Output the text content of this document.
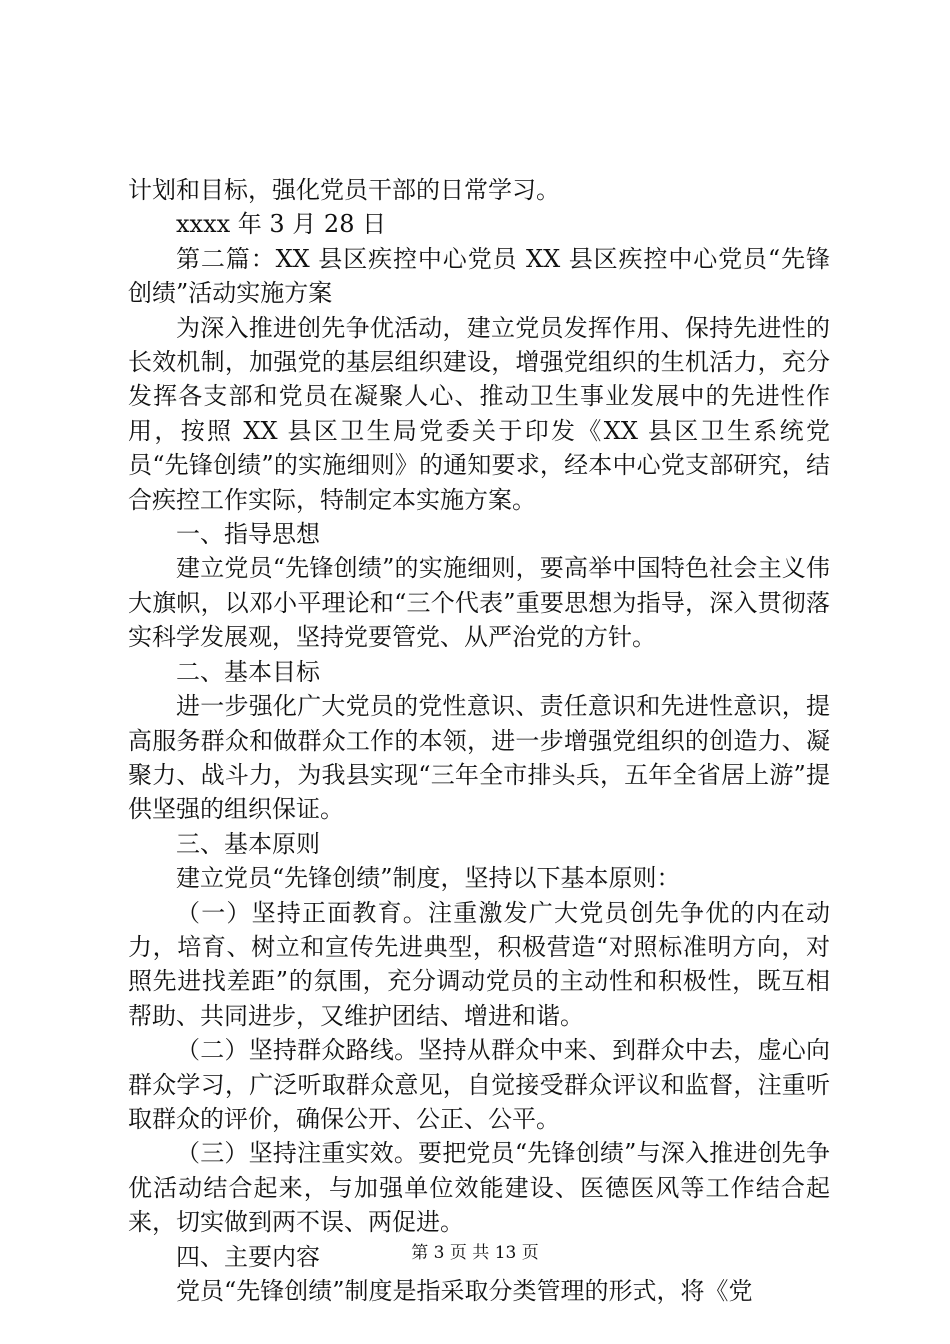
计划和目标，强化党员干部的日常学习。

xxxx 年 3 月 28 日

第二篇：XX 县区疾控中心党员 XX 县区疾控中心党员“先锋创绩”活动实施方案

为深入推进创先争优活动，建立党员发挥作用、保持先进性的长效机制，加强党的基层组织建设，增强党组织的生机活力，充分发挥各支部和党员在凝聚人心、推动卫生事业发展中的先进性作用，按照 XX 县区卫生局党委关于印发《XX 县区卫生系统党员“先锋创绩”的实施细则》的通知要求，经本中心党支部研究，结合疾控工作实际，特制定本实施方案。

一、指导思想

建立党员“先锋创绩”的实施细则，要高举中国特色社会主义伟大旗帜，以邓小平理论和“三个代表”重要思想为指导，深入贯彻落实科学发展观，坚持党要管党、从严治党的方针。

二、基本目标

进一步强化广大党员的党性意识、责任意识和先进性意识，提高服务群众和做群众工作的本领，进一步增强党组织的创造力、凝聚力、战斗力，为我县实现“三年全市排头兵，五年全省居上游”提供坚强的组织保证。

三、基本原则

建立党员“先锋创绩”制度，坚持以下基本原则：

（一）坚持正面教育。注重激发广大党员创先争优的内在动力，培育、树立和宣传先进典型，积极营造“对照标准明方向，对照先进找差距”的氛围，充分调动党员的主动性和积极性，既互相帮助、共同进步，又维护团结、增进和谐。

（二）坚持群众路线。坚持从群众中来、到群众中去，虚心向群众学习，广泛听取群众意见，自觉接受群众评议和监督，注重听取群众的评价，确保公开、公正、公平。

（三）坚持注重实效。要把党员“先锋创绩”与深入推进创先争优活动结合起来，与加强单位效能建设、医德医风等工作结合起来，切实做到两不误、两促进。

四、主要内容

党员“先锋创绩”制度是指采取分类管理的形式，将《党

第 3 页 共 13 页
